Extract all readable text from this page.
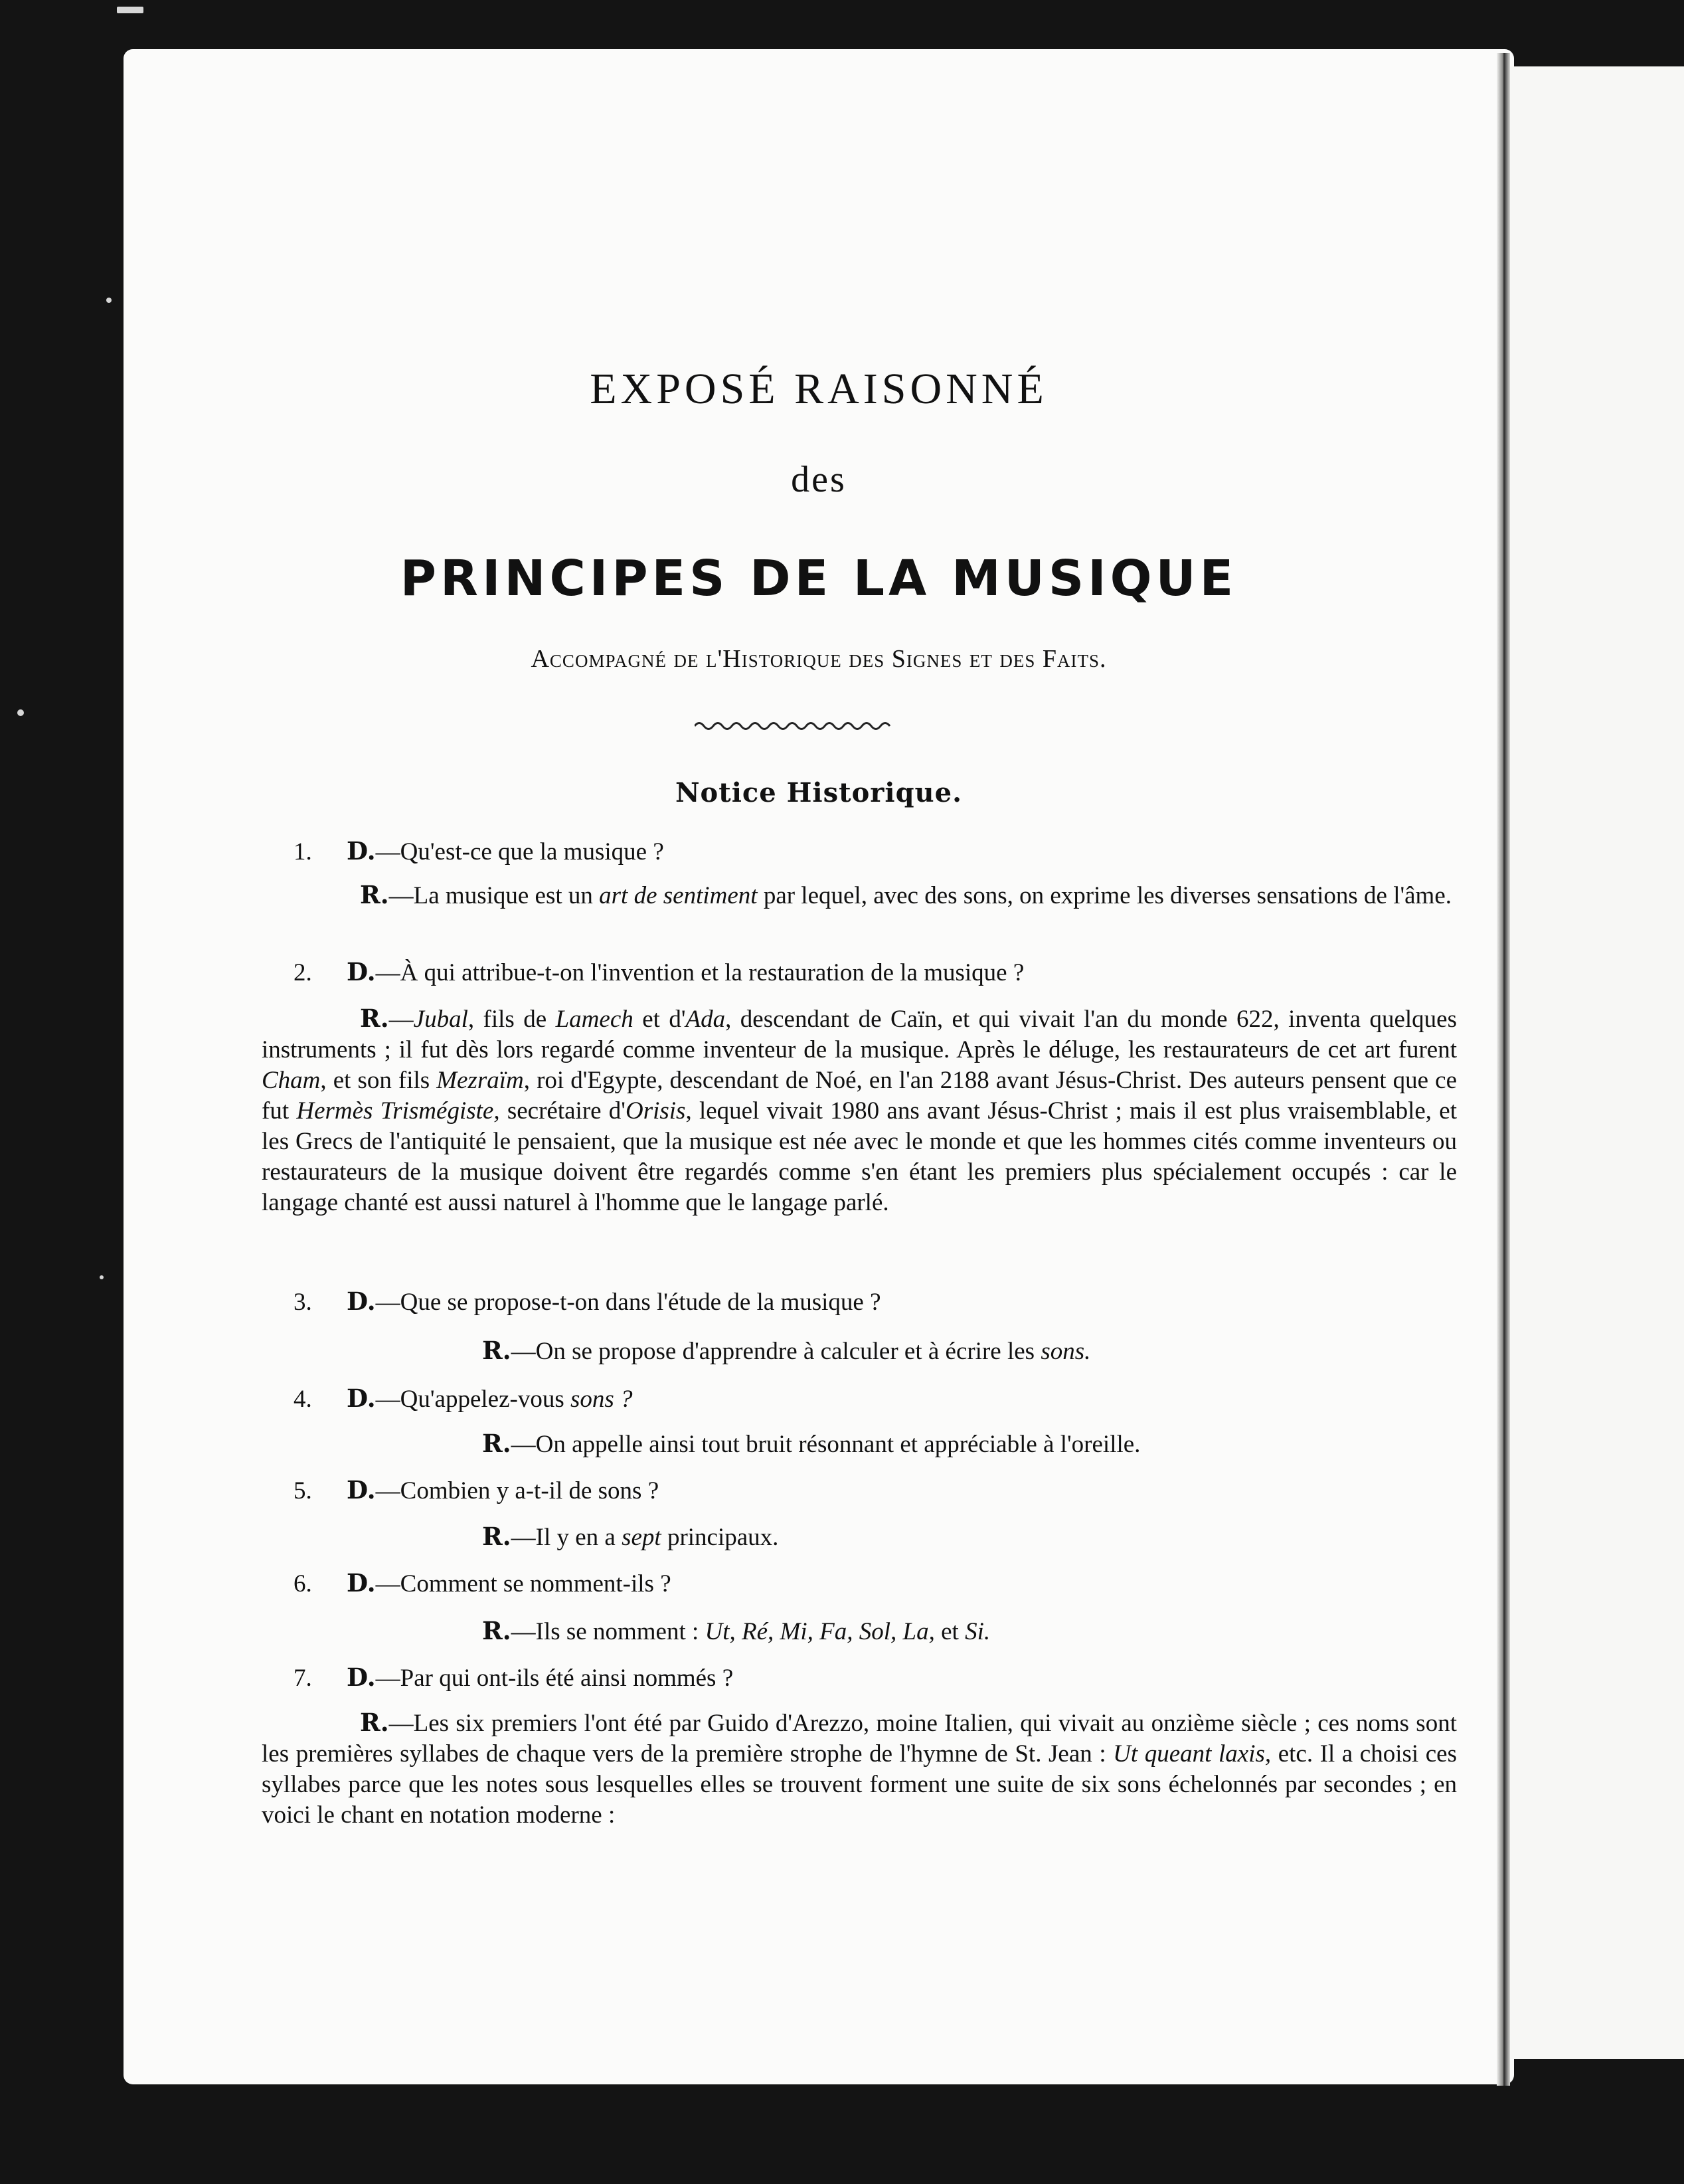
EXPOSÉ RAISONNÉ
des
PRINCIPES DE LA MUSIQUE
Accompagné de l'Historique des Signes et des Faits.
Notice Historique.
1. D.—Qu'est-ce que la musique ?
R.—La musique est un art de sentiment par lequel, avec des sons, on exprime les diverses sensations de l'âme.
2. D.—À qui attribue-t-on l'invention et la restauration de la musique ?
R.—Jubal, fils de Lamech et d'Ada, descendant de Caïn, et qui vivait l'an du monde 622, inventa quelques instruments ; il fut dès lors regardé comme inventeur de la musique. Après le déluge, les restaurateurs de cet art furent Cham, et son fils Mezraïm, roi d'Egypte, descendant de Noé, en l'an 2188 avant Jésus-Christ. Des auteurs pensent que ce fut Hermès Trismégiste, secrétaire d'Orisis, lequel vivait 1980 ans avant Jésus-Christ ; mais il est plus vraisemblable, et les Grecs de l'antiquité le pensaient, que la musique est née avec le monde et que les hommes cités comme inventeurs ou restaurateurs de la musique doivent être regardés comme s'en étant les premiers plus spécialement occupés : car le langage chanté est aussi naturel à l'homme que le langage parlé.
3. D.—Que se propose-t-on dans l'étude de la musique ?
R.—On se propose d'apprendre à calculer et à écrire les sons.
4. D.—Qu'appelez-vous sons ?
R.—On appelle ainsi tout bruit résonnant et appréciable à l'oreille.
5. D.—Combien y a-t-il de sons ?
R.—Il y en a sept principaux.
6. D.—Comment se nomment-ils ?
R.—Ils se nomment : Ut, Ré, Mi, Fa, Sol, La, et Si.
7. D.—Par qui ont-ils été ainsi nommés ?
R.—Les six premiers l'ont été par Guido d'Arezzo, moine Italien, qui vivait au onzième siècle ; ces noms sont les premières syllabes de chaque vers de la première strophe de l'hymne de St. Jean : Ut queant laxis, etc. Il a choisi ces syllabes parce que les notes sous lesquelles elles se trouvent forment une suite de six sons échelonnés par secondes ; en voici le chant en notation moderne :
